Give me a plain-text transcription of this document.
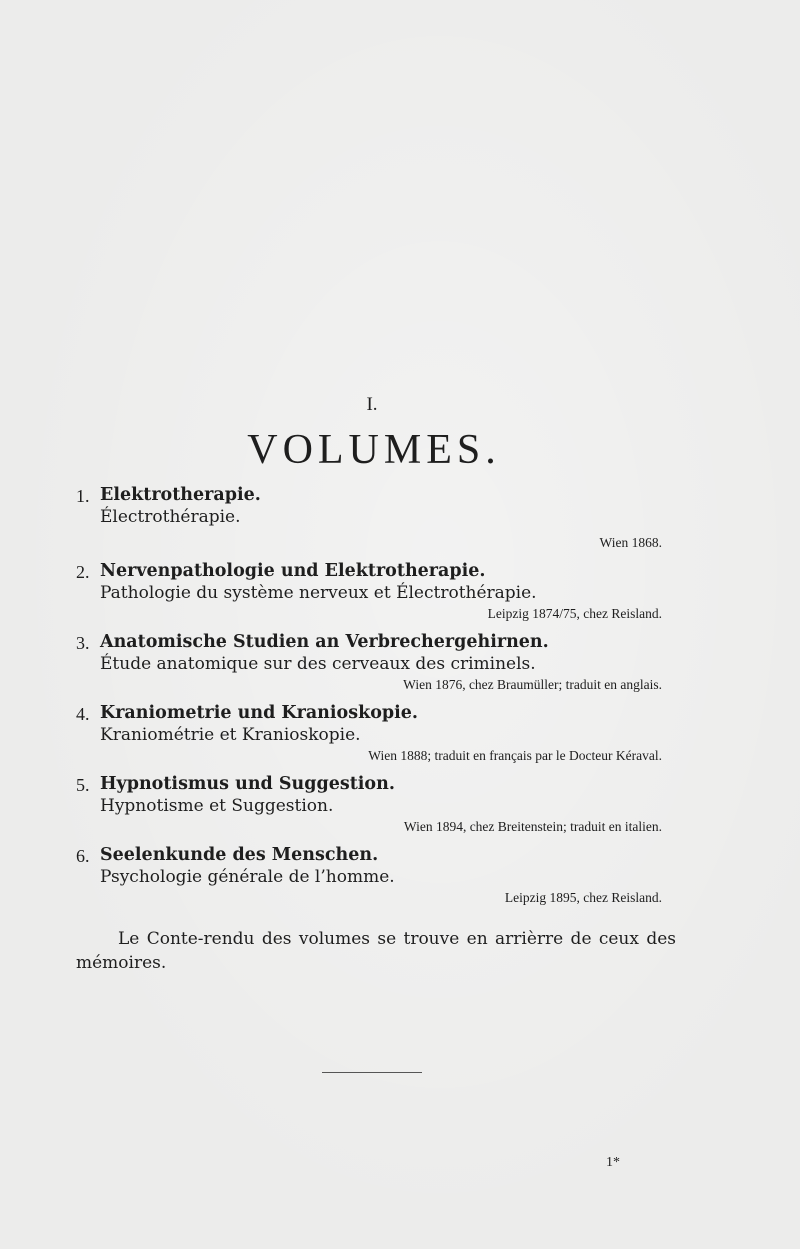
I.
VOLUMES.
1. Elektrotherapie.
Électrothérapie.
Wien 1868.
2. Nervenpathologie und Elektrotherapie.
Pathologie du système nerveux et Électrothérapie.
Leipzig 1874/75, chez Reisland.
3. Anatomische Studien an Verbrechergehirnen.
Étude anatomique sur des cerveaux des criminels.
Wien 1876, chez Braumüller; traduit en anglais.
4. Kraniometrie und Kranioskopie.
Kraniométrie et Kranioskopie.
Wien 1888; traduit en français par le Docteur Kéraval.
5. Hypnotismus und Suggestion.
Hypnotisme et Suggestion.
Wien 1894, chez Breitenstein; traduit en italien.
6. Seelenkunde des Menschen.
Psychologie générale de l’homme.
Leipzig 1895, chez Reisland.
Le Conte-rendu des volumes se trouve en arrièrre de ceux des mémoires.
1*
